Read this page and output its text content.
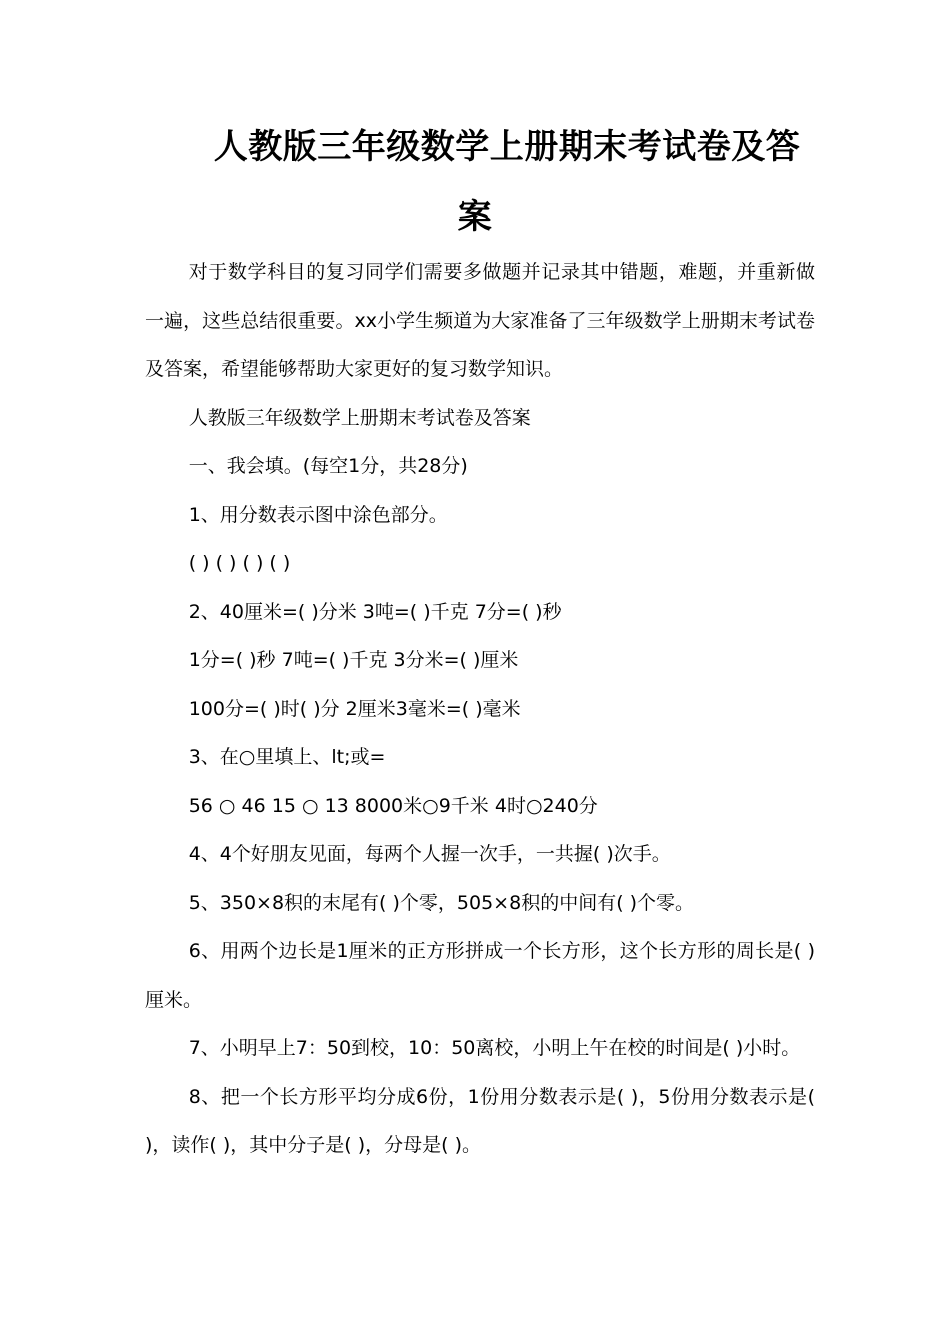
人教版三年级数学上册期末考试卷及答
案

对于数学科目的复习同学们需要多做题并记录其中错题，难题，并重新做一遍，这些总结很重要。xx小学生频道为大家准备了三年级数学上册期末考试卷及答案，希望能够帮助大家更好的复习数学知识。

人教版三年级数学上册期末考试卷及答案

一、我会填。(每空1分，共28分)

1、用分数表示图中涂色部分。

( ) ( ) ( ) ( )

2、40厘米=( )分米 3吨=( )千克 7分=( )秒

1分=( )秒 7吨=( )千克 3分米=( )厘米

100分=( )时( )分 2厘米3毫米=( )毫米

3、在○里填上、lt;或=

56 ○ 46 15 ○ 13 8000米○9千米 4时○240分

4、4个好朋友见面，每两个人握一次手，一共握( )次手。

5、350×8积的末尾有( )个零，505×8积的中间有( )个零。

6、用两个边长是1厘米的正方形拼成一个长方形，这个长方形的周长是( )厘米。

7、小明早上7：50到校，10：50离校，小明上午在校的时间是( )小时。

8、把一个长方形平均分成6份，1份用分数表示是( )，5份用分数表示是( )，读作( )，其中分子是( )，分母是( )。
